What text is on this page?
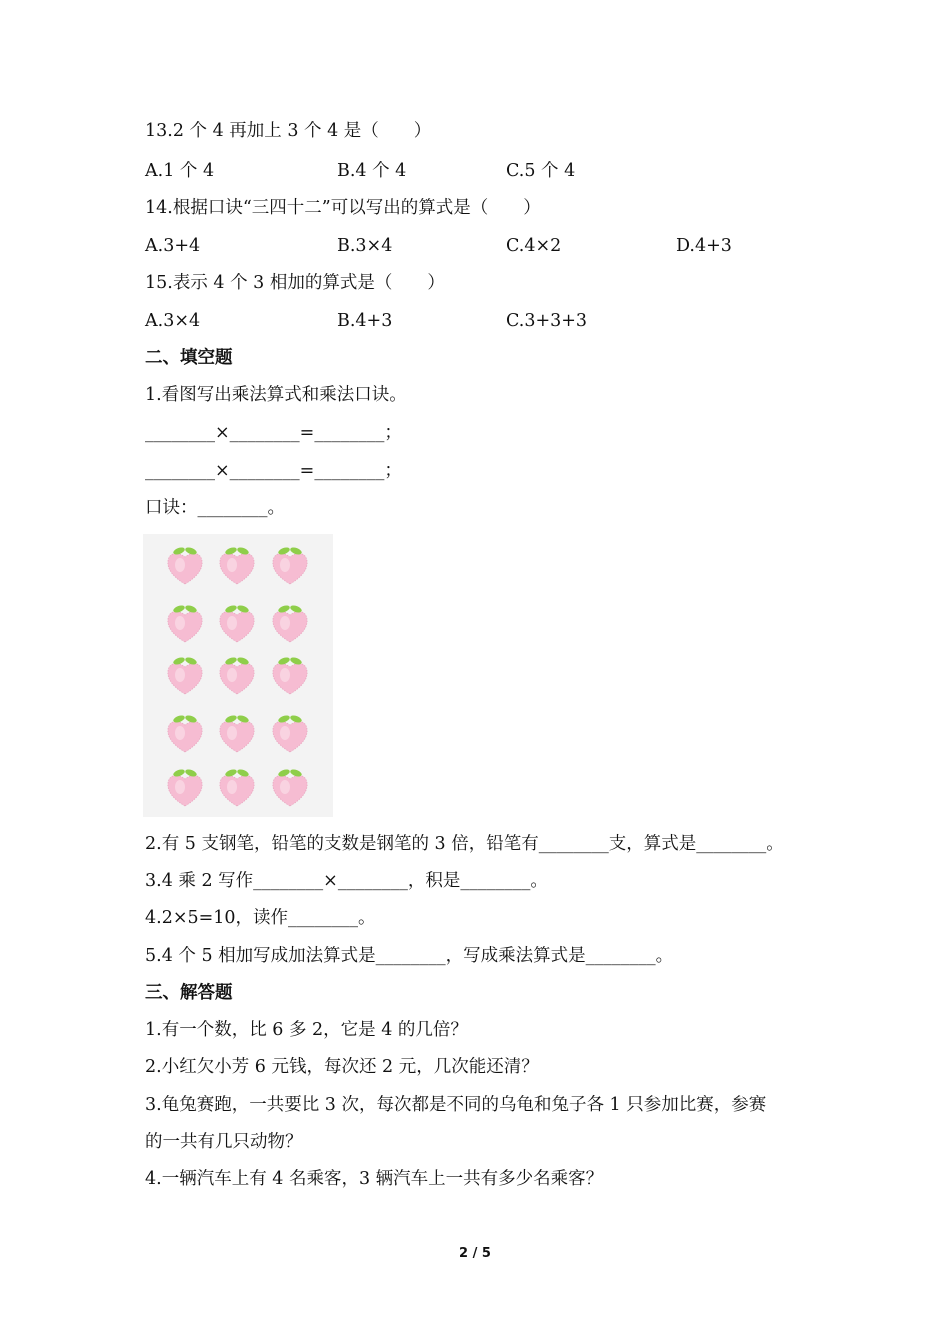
13.2 个 4 再加上 3 个 4 是（　　）
A.1 个 4	B.4 个 4	C.5 个 4
14.根据口诀“三四十二”可以写出的算式是（　　）
A.3+4	B.3×4	C.4×2	D.4+3
15.表示 4 个 3 相加的算式是（　　）
A.3×4	B.4+3	C.3+3+3
二、填空题
1.看图写出乘法算式和乘法口诀。
________×________=________；
________×________=________；
口诀：________。
2.有 5 支钢笔，铅笔的支数是钢笔的 3 倍，铅笔有________支，算式是________。
3.4 乘 2 写作________×________，积是________。
4.2×5=10，读作________。
5.4 个 5 相加写成加法算式是________，写成乘法算式是________。
三、解答题
1.有一个数，比 6 多 2，它是 4 的几倍？
2.小红欠小芳 6 元钱，每次还 2 元，几次能还清？
3.龟兔赛跑，一共要比 3 次，每次都是不同的乌龟和兔子各 1 只参加比赛，参赛
的一共有几只动物？
4.一辆汽车上有 4 名乘客，3 辆汽车上一共有多少名乘客？
2 / 5
